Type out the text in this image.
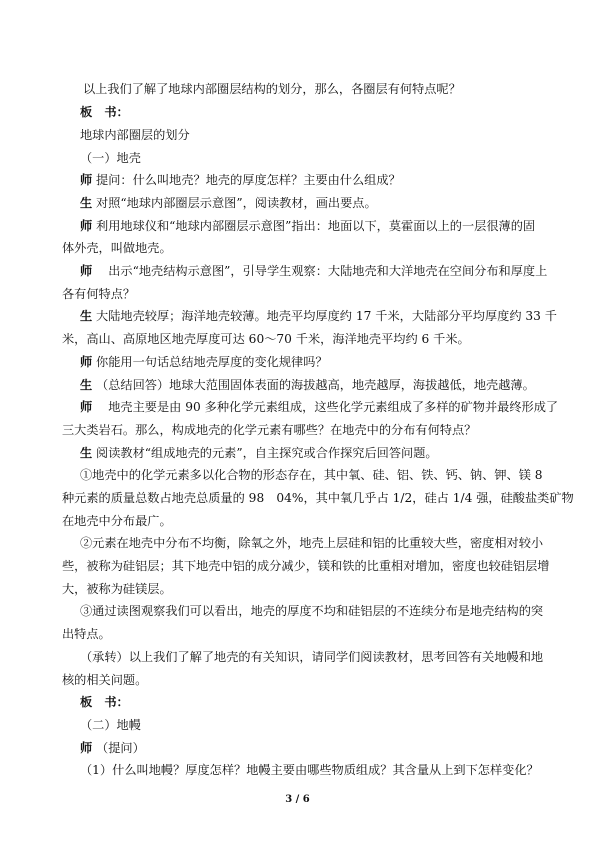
以上我们了解了地球内部圈层结构的划分，那么，各圈层有何特点呢？
板　书：
地球内部圈层的划分
（一）地壳
师 提问：什么叫地壳？地壳的厚度怎样？主要由什么组成？
生 对照“地球内部圈层示意图”，阅读教材，画出要点。
师 利用地球仪和“地球内部圈层示意图”指出：地面以下，莫霍面以上的一层很薄的固
体外壳，叫做地壳。
师 　出示“地壳结构示意图”，引导学生观察：大陆地壳和大洋地壳在空间分布和厚度上
各有何特点？
生 大陆地壳较厚；海洋地壳较薄。地壳平均厚度约 17 千米，大陆部分平均厚度约 33 千
米，高山、高原地区地壳厚度可达 60～70 千米，海洋地壳平均约 6 千米。
师 你能用一句话总结地壳厚度的变化规律吗？
生 （总结回答）地球大范围固体表面的海拔越高，地壳越厚，海拔越低，地壳越薄。
师 　地壳主要是由 90 多种化学元素组成，这些化学元素组成了多样的矿物并最终形成了
三大类岩石。那么，构成地壳的化学元素有哪些？在地壳中的分布有何特点？
生 阅读教材“组成地壳的元素”，自主探究或合作探究后回答问题。
①地壳中的化学元素多以化合物的形态存在，其中氧、硅、铝、铁、钙、钠、钾、镁 8
种元素的质量总数占地壳总质量的 98　04%，其中氧几乎占 1/2，硅占 1/4 强，硅酸盐类矿物
在地壳中分布最广。
②元素在地壳中分布不均衡，除氧之外，地壳上层硅和铝的比重较大些，密度相对较小
些，被称为硅铝层；其下地壳中铝的成分减少，镁和铁的比重相对增加，密度也较硅铝层增
大，被称为硅镁层。
③通过读图观察我们可以看出，地壳的厚度不均和硅铝层的不连续分布是地壳结构的突
出特点。
（承转）以上我们了解了地壳的有关知识，请同学们阅读教材，思考回答有关地幔和地
核的相关问题。
板　书：
（二）地幔
师 （提问）
（1）什么叫地幔？厚度怎样？地幔主要由哪些物质组成？其含量从上到下怎样变化？
3 / 6
